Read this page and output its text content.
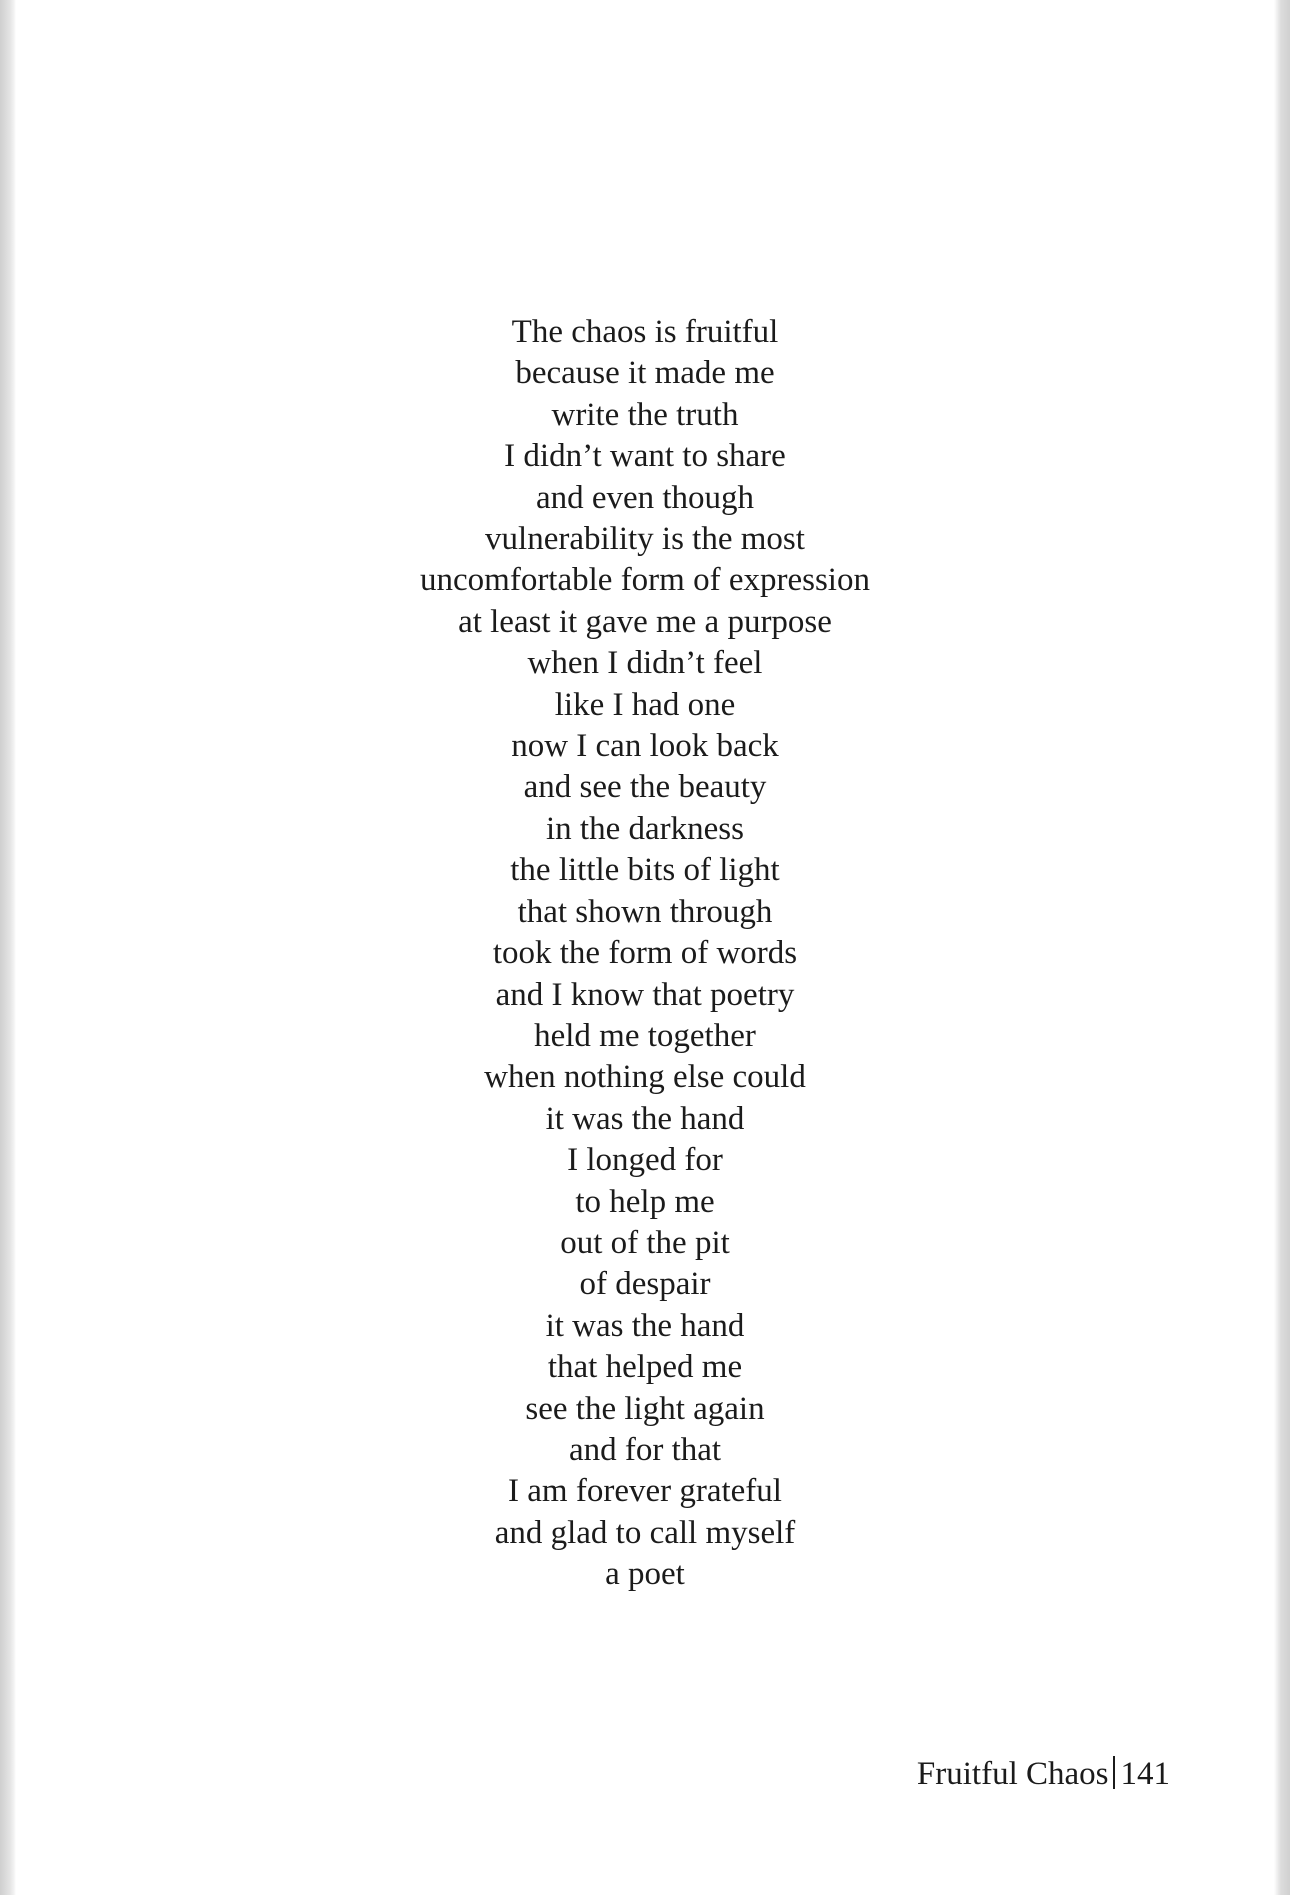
The chaos is fruitful
because it made me
write the truth
I didn’t want to share
and even though
vulnerability is the most
uncomfortable form of expression
at least it gave me a purpose
when I didn’t feel
like I had one
now I can look back
and see the beauty
in the darkness
the little bits of light
that shown through
took the form of words
and I know that poetry
held me together
when nothing else could
it was the hand
I longed for
to help me
out of the pit
of despair
it was the hand
that helped me
see the light again
and for that
I am forever grateful
and glad to call myself
a poet
Fruitful Chaos 141
